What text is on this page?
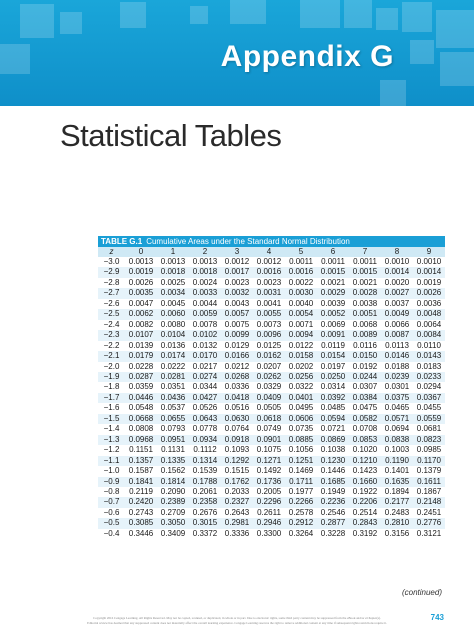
Appendix G
Statistical Tables
TABLE G.1 Cumulative Areas under the Standard Normal Distribution
z	0	1	2	3	4	5	6	7	8	9
−3.0	0.0013	0.0013	0.0013	0.0012	0.0012	0.0011	0.0011	0.0011	0.0010	0.0010
−2.9	0.0019	0.0018	0.0018	0.0017	0.0016	0.0016	0.0015	0.0015	0.0014	0.0014
−2.8	0.0026	0.0025	0.0024	0.0023	0.0023	0.0022	0.0021	0.0021	0.0020	0.0019
−2.7	0.0035	0.0034	0.0033	0.0032	0.0031	0.0030	0.0029	0.0028	0.0027	0.0026
−2.6	0.0047	0.0045	0.0044	0.0043	0.0041	0.0040	0.0039	0.0038	0.0037	0.0036
−2.5	0.0062	0.0060	0.0059	0.0057	0.0055	0.0054	0.0052	0.0051	0.0049	0.0048
−2.4	0.0082	0.0080	0.0078	0.0075	0.0073	0.0071	0.0069	0.0068	0.0066	0.0064
−2.3	0.0107	0.0104	0.0102	0.0099	0.0096	0.0094	0.0091	0.0089	0.0087	0.0084
−2.2	0.0139	0.0136	0.0132	0.0129	0.0125	0.0122	0.0119	0.0116	0.0113	0.0110
−2.1	0.0179	0.0174	0.0170	0.0166	0.0162	0.0158	0.0154	0.0150	0.0146	0.0143
−2.0	0.0228	0.0222	0.0217	0.0212	0.0207	0.0202	0.0197	0.0192	0.0188	0.0183
−1.9	0.0287	0.0281	0.0274	0.0268	0.0262	0.0256	0.0250	0.0244	0.0239	0.0233
−1.8	0.0359	0.0351	0.0344	0.0336	0.0329	0.0322	0.0314	0.0307	0.0301	0.0294
−1.7	0.0446	0.0436	0.0427	0.0418	0.0409	0.0401	0.0392	0.0384	0.0375	0.0367
−1.6	0.0548	0.0537	0.0526	0.0516	0.0505	0.0495	0.0485	0.0475	0.0465	0.0455
−1.5	0.0668	0.0655	0.0643	0.0630	0.0618	0.0606	0.0594	0.0582	0.0571	0.0559
−1.4	0.0808	0.0793	0.0778	0.0764	0.0749	0.0735	0.0721	0.0708	0.0694	0.0681
−1.3	0.0968	0.0951	0.0934	0.0918	0.0901	0.0885	0.0869	0.0853	0.0838	0.0823
−1.2	0.1151	0.1131	0.1112	0.1093	0.1075	0.1056	0.1038	0.1020	0.1003	0.0985
−1.1	0.1357	0.1335	0.1314	0.1292	0.1271	0.1251	0.1230	0.1210	0.1190	0.1170
−1.0	0.1587	0.1562	0.1539	0.1515	0.1492	0.1469	0.1446	0.1423	0.1401	0.1379
−0.9	0.1841	0.1814	0.1788	0.1762	0.1736	0.1711	0.1685	0.1660	0.1635	0.1611
−0.8	0.2119	0.2090	0.2061	0.2033	0.2005	0.1977	0.1949	0.1922	0.1894	0.1867
−0.7	0.2420	0.2389	0.2358	0.2327	0.2296	0.2266	0.2236	0.2206	0.2177	0.2148
−0.6	0.2743	0.2709	0.2676	0.2643	0.2611	0.2578	0.2546	0.2514	0.2483	0.2451
−0.5	0.3085	0.3050	0.3015	0.2981	0.2946	0.2912	0.2877	0.2843	0.2810	0.2776
−0.4	0.3446	0.3409	0.3372	0.3336	0.3300	0.3264	0.3228	0.3192	0.3156	0.3121
(continued)
743
Copyright 2016 Cengage Learning. All Rights Reserved. May not be copied, scanned, or duplicated, in whole or in part. Due to electronic rights, some third party content may be suppressed from the eBook and/or eChapter(s).
Editorial review has deemed that any suppressed content does not materially affect the overall learning experience. Cengage Learning reserves the right to remove additional content at any time if subsequent rights restrictions require it.
